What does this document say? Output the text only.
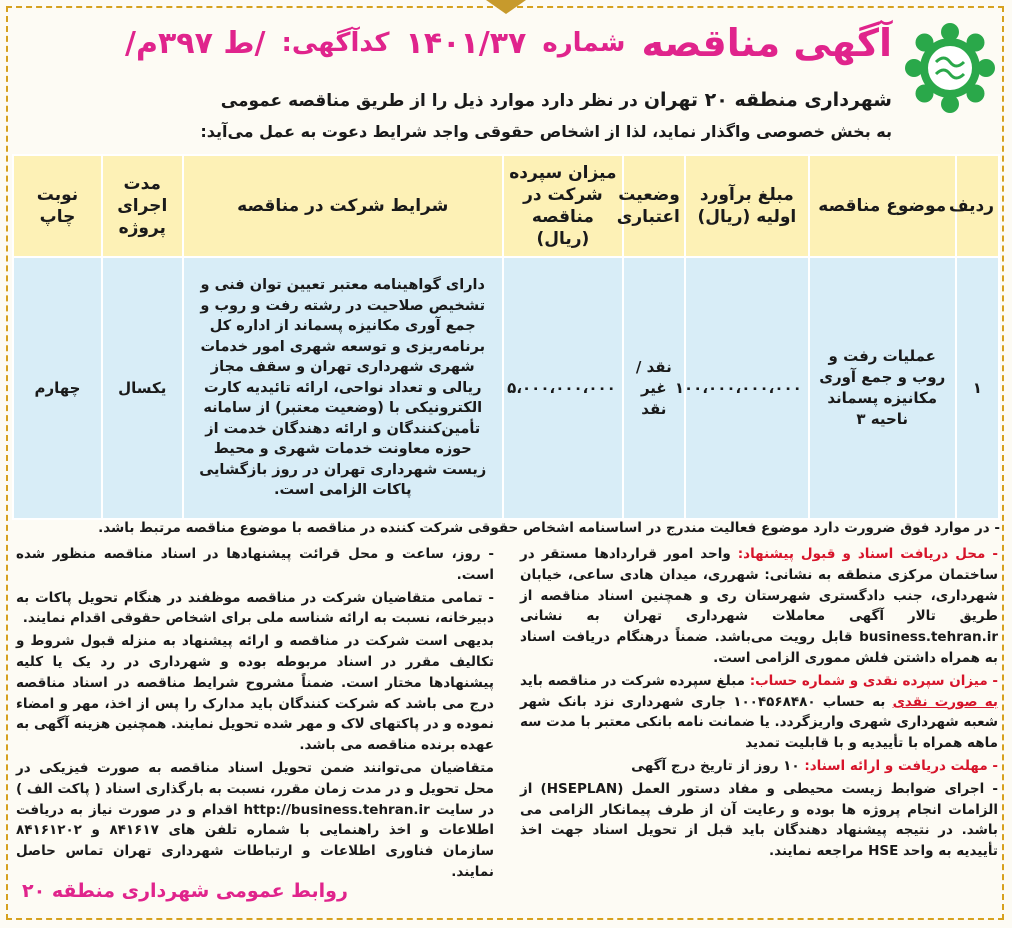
آگهی مناقصه
شماره
۱۴۰۱/۳۷
کدآگهی:
/ط ۳۹۷م/
شهرداری منطقه ۲۰ تهران در نظر دارد موارد ذیل را از طریق مناقصه عمومی
به بخش خصوصی واگذار نماید، لذا از اشخاص حقوقی واجد شرایط دعوت به عمل می‌آید:
ردیف	موضوع مناقصه	مبلغ برآورد اولیه (ریال)	وضعیت اعتباری	میزان سپرده شرکت در مناقصه (ریال)	شرایط شرکت در مناقصه	مدت اجرای پروژه	نوبت چاپ
۱	عملیات رفت و روب و جمع آوری مکانیزه پسماند ناحیه ۳	۱۰۰،۰۰۰،۰۰۰،۰۰۰	نقد / غیر نقد	۵،۰۰۰،۰۰۰،۰۰۰	دارای گواهینامه معتبر تعیین توان فنی و تشخیص صلاحیت در رشته رفت و روب و جمع آوری مکانیزه پسماند از اداره کل برنامه‌ریزی و توسعه شهری امور خدمات شهری شهرداری تهران و سقف مجاز ریالی و تعداد نواحی، ارائه تائیدیه کارت الکترونیکی با (وضعیت معتبر) از سامانه تأمین‌کنندگان و ارائه دهندگان خدمت از حوزه معاونت خدمات شهری و محیط زیست شهرداری تهران در روز بازگشایی پاکات الزامی است.	یکسال	چهارم
- در موارد فوق ضرورت دارد موضوع فعالیت مندرج در اساسنامه اشخاص حقوقی شرکت کننده در مناقصه با موضوع مناقصه مرتبط باشد.

- محل دریافت اسناد و قبول پیشنهاد: واحد امور قراردادها مستقر در ساختمان مرکزی منطقه به نشانی: شهرری، میدان هادی ساعی، خیابان شهرداری، جنب دادگستری شهرستان ری و همچنین اسناد مناقصه از طریق تالار آگهی معاملات شهرداری تهران به نشانی business.tehran.ir قابل رویت می‌باشد. ضمناً درهنگام دریافت اسناد به همراه داشتن فلش مموری الزامی است.

- میزان سپرده نقدی و شماره حساب: مبلغ سپرده شرکت در مناقصه باید به صورت نقدی به حساب ۱۰۰۴۵۶۸۴۸۰ جاری شهرداری نزد بانک شهر شعبه شهرداری شهری واریزگردد. یا ضمانت نامه بانکی معتبر با مدت سه ماهه همراه با تأییدیه و با قابلیت تمدید

- مهلت دریافت و ارائه اسناد: ۱۰ روز از تاریخ درج آگهی

- اجرای ضوابط زیست محیطی و مفاد دستور العمل (HSEPLAN) از الزامات انجام پروژه ها بوده و رعایت آن از طرف پیمانکار الزامی می باشد. در نتیجه پیشنهاد دهندگان باید قبل از تحویل اسناد جهت اخذ تأییدیه به واحد HSE مراجعه نمایند.

- روز، ساعت و محل قرائت پیشنهادها در اسناد مناقصه منظور شده است.

- تمامی متقاضیان شرکت در مناقصه موظفند در هنگام تحویل پاکات به دبیرخانه، نسبت به ارائه شناسه ملی برای اشخاص حقوقی اقدام نمایند.

بدیهی است شرکت در مناقصه و ارائه پیشنهاد به منزله قبول شروط و تکالیف مقرر در اسناد مربوطه بوده و شهرداری در رد یک یا کلیه پیشنهادها مختار است. ضمناً مشروح شرایط مناقصه در اسناد مناقصه درج می باشد که شرکت کنندگان باید مدارک را پس از اخذ، مهر و امضاء نموده و در پاکتهای لاک و مهر شده تحویل نمایند. همچنین هزینه آگهی به عهده برنده مناقصه می باشد.

متقاضیان می‌توانند ضمن تحویل اسناد مناقصه به صورت فیزیکی در محل تحویل و در مدت زمان مقرر، نسبت به بارگذاری اسناد ( پاکت الف ) در سایت http://business.tehran.ir اقدام و در صورت نیاز به دریافت اطلاعات و اخذ راهنمایی با شماره تلفن های ۸۴۱۶۱۷ و ۸۴۱۶۱۲۰۲ سازمان فناوری اطلاعات و ارتباطات شهرداری تهران تماس حاصل نمایند.

روابط عمومی شهرداری منطقه ۲۰
